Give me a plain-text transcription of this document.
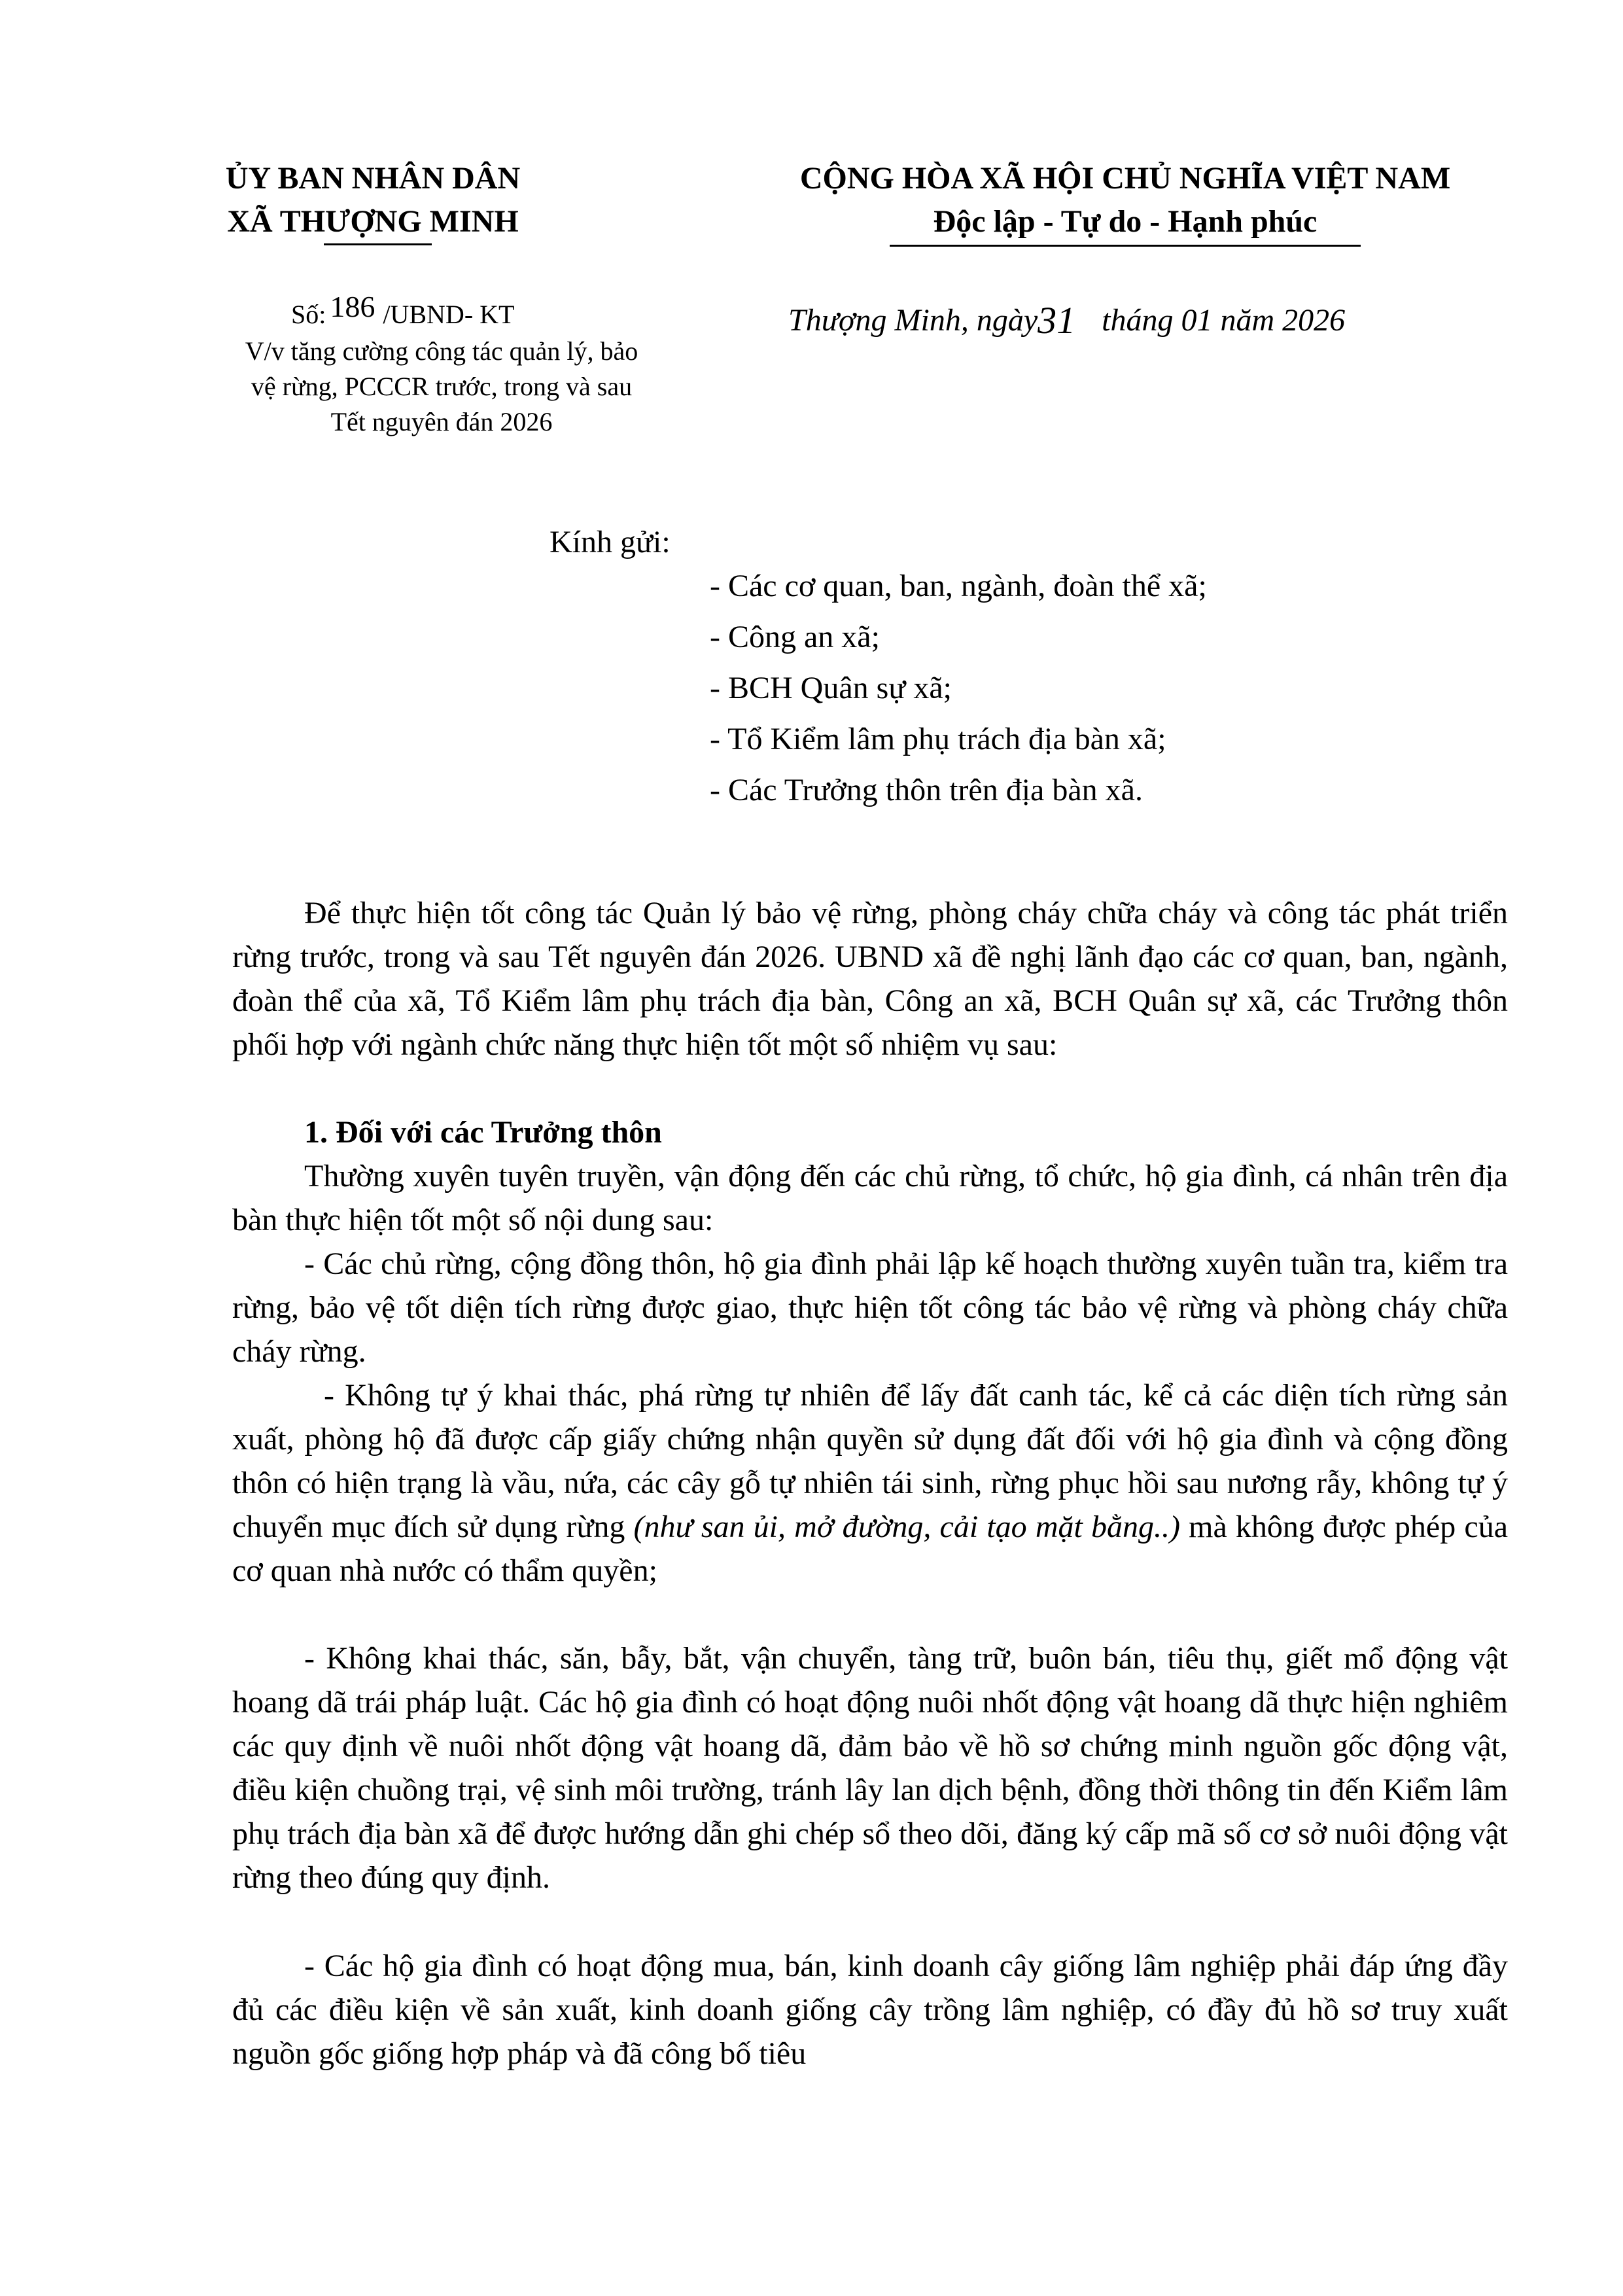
ỦY BAN NHÂN DÂN
XÃ THƯỢNG MINH
CỘNG HÒA XÃ HỘI CHỦ NGHĨA VIỆT NAM
Độc lập - Tự do - Hạnh phúc
Số: 186 /UBND- KT
V/v tăng cường công tác quản lý, bảo vệ rừng, PCCCR trước, trong và sau Tết nguyên đán 2026
Thượng Minh, ngày31 tháng 01 năm 2026
Kính gửi:
- Các cơ quan, ban, ngành, đoàn thể xã;
- Công an xã;
- BCH Quân sự xã;
- Tổ Kiểm lâm phụ trách địa bàn xã;
- Các Trưởng thôn trên địa bàn xã.
Để thực hiện tốt công tác Quản lý bảo vệ rừng, phòng cháy chữa cháy và công tác phát triển rừng trước, trong và sau Tết nguyên đán 2026. UBND xã đề nghị lãnh đạo các cơ quan, ban, ngành, đoàn thể của xã, Tổ Kiểm lâm phụ trách địa bàn, Công an xã, BCH Quân sự xã, các Trưởng thôn phối hợp với ngành chức năng thực hiện tốt một số nhiệm vụ sau:
1. Đối với các Trưởng thôn
Thường xuyên tuyên truyền, vận động đến các chủ rừng, tổ chức, hộ gia đình, cá nhân trên địa bàn thực hiện tốt một số nội dung sau:
- Các chủ rừng, cộng đồng thôn, hộ gia đình phải lập kế hoạch thường xuyên tuần tra, kiểm tra rừng, bảo vệ tốt diện tích rừng được giao, thực hiện tốt công tác bảo vệ rừng và phòng cháy chữa cháy rừng.
- Không tự ý khai thác, phá rừng tự nhiên để lấy đất canh tác, kể cả các diện tích rừng sản xuất, phòng hộ đã được cấp giấy chứng nhận quyền sử dụng đất đối với hộ gia đình và cộng đồng thôn có hiện trạng là vầu, nứa, các cây gỗ tự nhiên tái sinh, rừng phục hồi sau nương rẫy, không tự ý chuyển mục đích sử dụng rừng (như san ủi, mở đường, cải tạo mặt bằng..) mà không được phép của cơ quan nhà nước có thẩm quyền;
- Không khai thác, săn, bẫy, bắt, vận chuyển, tàng trữ, buôn bán, tiêu thụ, giết mổ động vật hoang dã trái pháp luật. Các hộ gia đình có hoạt động nuôi nhốt động vật hoang dã thực hiện nghiêm các quy định về nuôi nhốt động vật hoang dã, đảm bảo về hồ sơ chứng minh nguồn gốc động vật, điều kiện chuồng trại, vệ sinh môi trường, tránh lây lan dịch bệnh, đồng thời thông tin đến Kiểm lâm phụ trách địa bàn xã để được hướng dẫn ghi chép sổ theo dõi, đăng ký cấp mã số cơ sở nuôi động vật rừng theo đúng quy định.
- Các hộ gia đình có hoạt động mua, bán, kinh doanh cây giống lâm nghiệp phải đáp ứng đầy đủ các điều kiện về sản xuất, kinh doanh giống cây trồng lâm nghiệp, có đầy đủ hồ sơ truy xuất nguồn gốc giống hợp pháp và đã công bố tiêu
